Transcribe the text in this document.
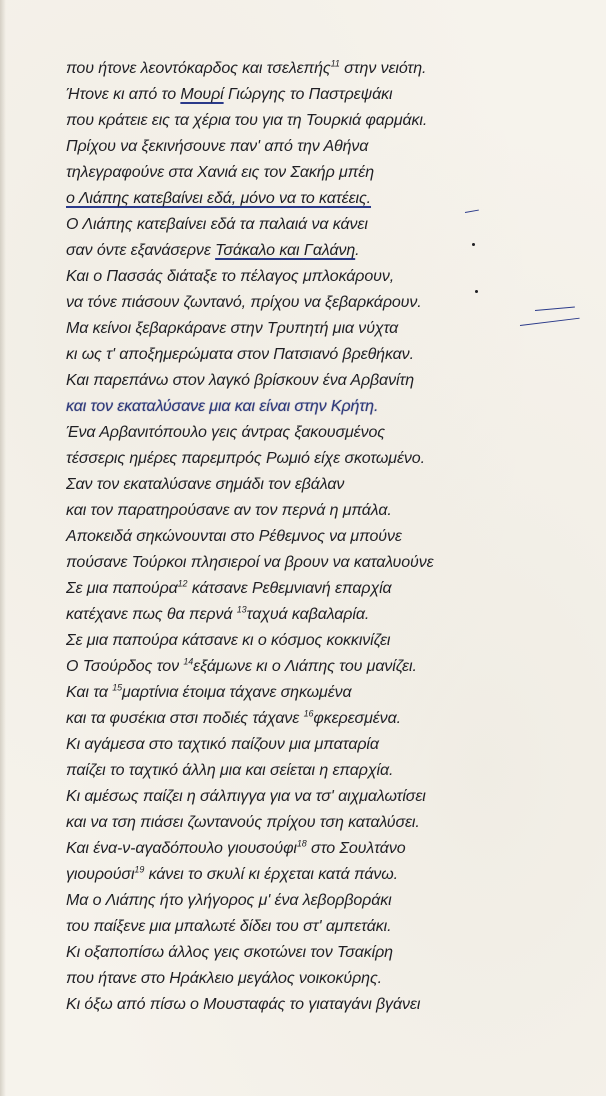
που ήτονε λεοντόκαρδος και τσελεπής$^{11}$ στην νειότη.
Ήτονε κι από το Μουρί Γιώργης το Παστρεψάκι
που κράτειε εις τα χέρια του για τη Τουρκιά φαρμάκι.
Πρίχου να ξεκινήσουνε παν' από την Αθήνα
τηλεγραφούνε στα Χανιά εις τον Σακήρ μπέη
ο Λιάπης κατεβαίνει εδά, μόνο να το κατέεις.
Ο Λιάπης κατεβαίνει εδά τα παλαιά να κάνει
σαν όντε εξανάσερνε Τσάκαλο και Γαλάνη.
Και ο Πασσάς διάταξε το πέλαγος μπλοκάρουν,
να τόνε πιάσουν ζωντανό, πρίχου να ξεβαρκάρουν.
Μα κείνοι ξεβαρκάρανε στην Τρυπητή μια νύχτα
κι ως τ' αποξημερώματα στον Πατσιανό βρεθήκαν.
Και παρεπάνω στον λαγκό βρίσκουν ένα Αρβανίτη
και τον εκαταλύσανε μια και είναι στην Κρήτη.
Ένα Αρβανιτόπουλο γεις άντρας ξακουσμένος
τέσσερις ημέρες παρεμπρός Ρωμιό είχε σκοτωμένο.
Σαν τον εκαταλύσανε σημάδι τον εβάλαν
και τον παρατηρούσανε αν τον περνά η μπάλα.
Αποκειδά σηκώνουνται στο Ρέθεμνος να μπούνε
πούσανε Τούρκοι πλησιεροί να βρουν να καταλυούνε
Σε μια παπούρα$^{12}$ κάτσανε Ρεθεμνιανή επαρχία
κατέχανε πως θα περνά $^{13}$ταχυά καβαλαρία.
Σε μια παπούρα κάτσανε κι ο κόσμος κοκκινίζει
Ο Τσούρδος τον $^{14}$εξάμωνε κι ο Λιάπης του μανίζει.
Και τα $^{15}$μαρτίνια έτοιμα τάχανε σηκωμένα
και τα φυσέκια στσι ποδιές τάχανε $^{16}$φκερεσμένα.
Κι αγάμεσα στο ταχτικό παίζουν μια μπαταρία
παίζει το ταχτικό άλλη μια και σείεται η επαρχία.
Κι αμέσως παίζει η σάλπιγγα για να τσ' αιχμαλωτίσει
και να τση πιάσει ζωντανούς πρίχου τση καταλύσει.
Και ένα-ν-αγαδόπουλο γιουσούφι$^{18}$ στο Σουλτάνο
γιουρούσι$^{19}$ κάνει το σκυλί κι έρχεται κατά πάνω.
Μα ο Λιάπης ήτο γλήγορος μ' ένα λεβορβοράκι
του παίξενε μια μπαλωτέ δίδει του στ' αμπετάκι.
Κι οξαποπίσω άλλος γεις σκοτώνει τον Τσακίρη
που ήτανε στο Ηράκλειο μεγάλος νοικοκύρης.
Κι όξω από πίσω ο Μουσταφάς το γιαταγάνι βγάνει
